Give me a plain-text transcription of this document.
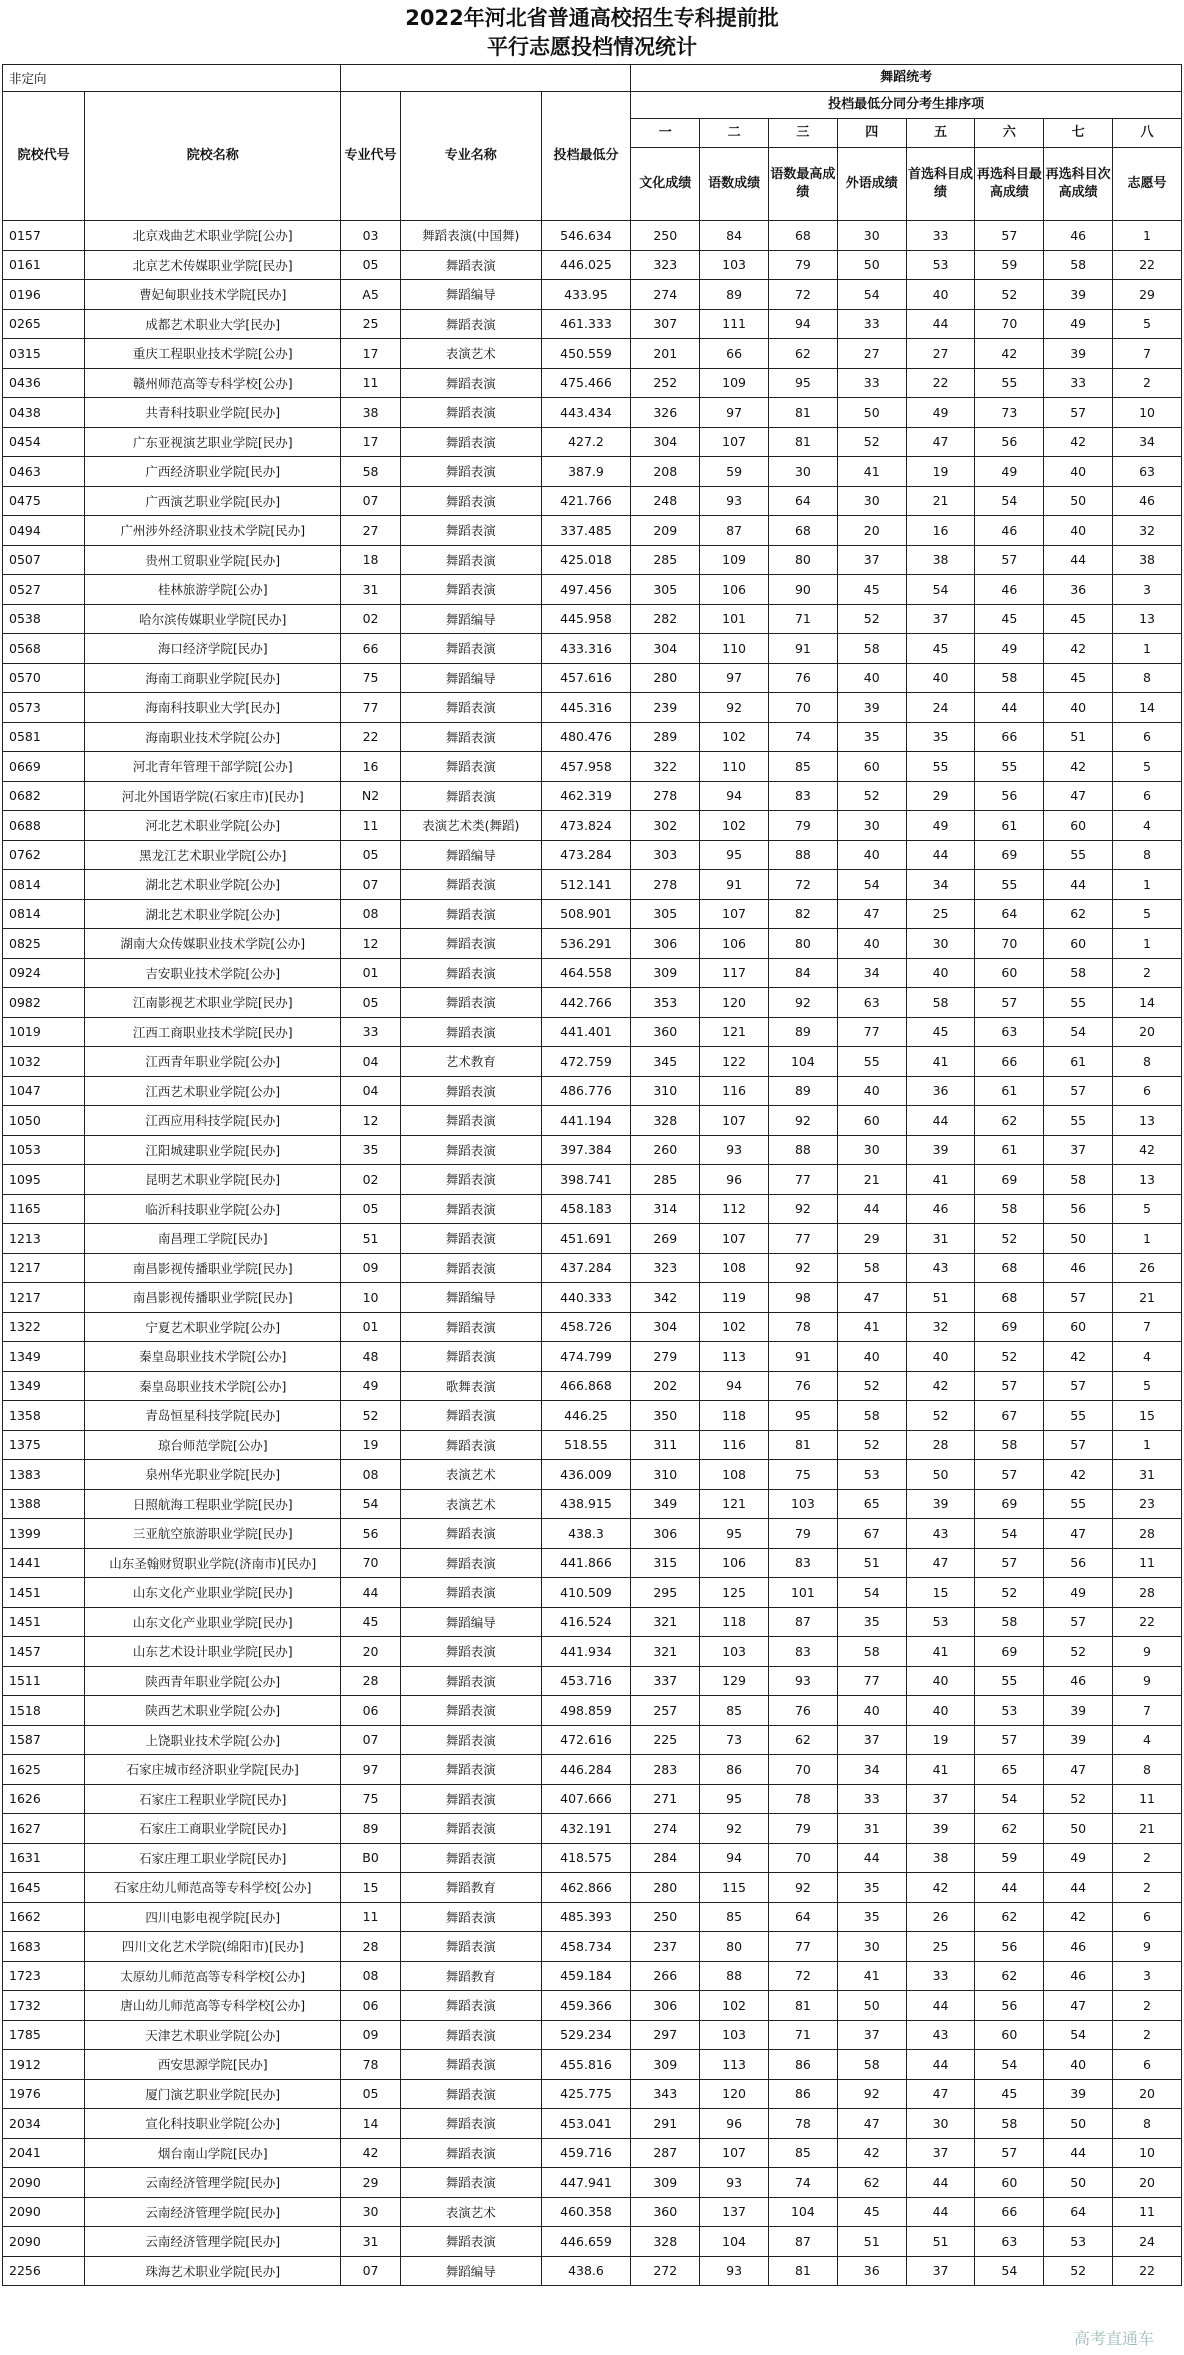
2022年河北省普通高校招生专科提前批
平行志愿投档情况统计
非定向					舞蹈统考							
院校代号	院校名称	专业代号	专业名称	投档最低分	投档最低分同分考生排序项							
					一	二	三	四	五	六	七	八
					文化成绩	语数成绩	语数最高成绩	外语成绩	首选科目成绩	再选科目最高成绩	再选科目次高成绩	志愿号
0157	北京戏曲艺术职业学院[公办]	03	舞蹈表演(中国舞)	546.634	250	84	68	30	33	57	46	1
0161	北京艺术传媒职业学院[民办]	05	舞蹈表演	446.025	323	103	79	50	53	59	58	22
0196	曹妃甸职业技术学院[民办]	A5	舞蹈编导	433.95	274	89	72	54	40	52	39	29
0265	成都艺术职业大学[民办]	25	舞蹈表演	461.333	307	111	94	33	44	70	49	5
0315	重庆工程职业技术学院[公办]	17	表演艺术	450.559	201	66	62	27	27	42	39	7
0436	赣州师范高等专科学校[公办]	11	舞蹈表演	475.466	252	109	95	33	22	55	33	2
0438	共青科技职业学院[民办]	38	舞蹈表演	443.434	326	97	81	50	49	73	57	10
0454	广东亚视演艺职业学院[民办]	17	舞蹈表演	427.2	304	107	81	52	47	56	42	34
0463	广西经济职业学院[民办]	58	舞蹈表演	387.9	208	59	30	41	19	49	40	63
0475	广西演艺职业学院[民办]	07	舞蹈表演	421.766	248	93	64	30	21	54	50	46
0494	广州涉外经济职业技术学院[民办]	27	舞蹈表演	337.485	209	87	68	20	16	46	40	32
0507	贵州工贸职业学院[民办]	18	舞蹈表演	425.018	285	109	80	37	38	57	44	38
0527	桂林旅游学院[公办]	31	舞蹈表演	497.456	305	106	90	45	54	46	36	3
0538	哈尔滨传媒职业学院[民办]	02	舞蹈编导	445.958	282	101	71	52	37	45	45	13
0568	海口经济学院[民办]	66	舞蹈表演	433.316	304	110	91	58	45	49	42	1
0570	海南工商职业学院[民办]	75	舞蹈编导	457.616	280	97	76	40	40	58	45	8
0573	海南科技职业大学[民办]	77	舞蹈表演	445.316	239	92	70	39	24	44	40	14
0581	海南职业技术学院[公办]	22	舞蹈表演	480.476	289	102	74	35	35	66	51	6
0669	河北青年管理干部学院[公办]	16	舞蹈表演	457.958	322	110	85	60	55	55	42	5
0682	河北外国语学院(石家庄市)[民办]	N2	舞蹈表演	462.319	278	94	83	52	29	56	47	6
0688	河北艺术职业学院[公办]	11	表演艺术类(舞蹈)	473.824	302	102	79	30	49	61	60	4
0762	黑龙江艺术职业学院[公办]	05	舞蹈编导	473.284	303	95	88	40	44	69	55	8
0814	湖北艺术职业学院[公办]	07	舞蹈表演	512.141	278	91	72	54	34	55	44	1
0814	湖北艺术职业学院[公办]	08	舞蹈表演	508.901	305	107	82	47	25	64	62	5
0825	湖南大众传媒职业技术学院[公办]	12	舞蹈表演	536.291	306	106	80	40	30	70	60	1
0924	吉安职业技术学院[公办]	01	舞蹈表演	464.558	309	117	84	34	40	60	58	2
0982	江南影视艺术职业学院[民办]	05	舞蹈表演	442.766	353	120	92	63	58	57	55	14
1019	江西工商职业技术学院[民办]	33	舞蹈表演	441.401	360	121	89	77	45	63	54	20
1032	江西青年职业学院[公办]	04	艺术教育	472.759	345	122	104	55	41	66	61	8
1047	江西艺术职业学院[公办]	04	舞蹈表演	486.776	310	116	89	40	36	61	57	6
1050	江西应用科技学院[民办]	12	舞蹈表演	441.194	328	107	92	60	44	62	55	13
1053	江阳城建职业学院[民办]	35	舞蹈表演	397.384	260	93	88	30	39	61	37	42
1095	昆明艺术职业学院[民办]	02	舞蹈表演	398.741	285	96	77	21	41	69	58	13
1165	临沂科技职业学院[公办]	05	舞蹈表演	458.183	314	112	92	44	46	58	56	5
1213	南昌理工学院[民办]	51	舞蹈表演	451.691	269	107	77	29	31	52	50	1
1217	南昌影视传播职业学院[民办]	09	舞蹈表演	437.284	323	108	92	58	43	68	46	26
1217	南昌影视传播职业学院[民办]	10	舞蹈编导	440.333	342	119	98	47	51	68	57	21
1322	宁夏艺术职业学院[公办]	01	舞蹈表演	458.726	304	102	78	41	32	69	60	7
1349	秦皇岛职业技术学院[公办]	48	舞蹈表演	474.799	279	113	91	40	40	52	42	4
1349	秦皇岛职业技术学院[公办]	49	歌舞表演	466.868	202	94	76	52	42	57	57	5
1358	青岛恒星科技学院[民办]	52	舞蹈表演	446.25	350	118	95	58	52	67	55	15
1375	琼台师范学院[公办]	19	舞蹈表演	518.55	311	116	81	52	28	58	57	1
1383	泉州华光职业学院[民办]	08	表演艺术	436.009	310	108	75	53	50	57	42	31
1388	日照航海工程职业学院[民办]	54	表演艺术	438.915	349	121	103	65	39	69	55	23
1399	三亚航空旅游职业学院[民办]	56	舞蹈表演	438.3	306	95	79	67	43	54	47	28
1441	山东圣翰财贸职业学院(济南市)[民办]	70	舞蹈表演	441.866	315	106	83	51	47	57	56	11
1451	山东文化产业职业学院[民办]	44	舞蹈表演	410.509	295	125	101	54	15	52	49	28
1451	山东文化产业职业学院[民办]	45	舞蹈编导	416.524	321	118	87	35	53	58	57	22
1457	山东艺术设计职业学院[民办]	20	舞蹈表演	441.934	321	103	83	58	41	69	52	9
1511	陕西青年职业学院[公办]	28	舞蹈表演	453.716	337	129	93	77	40	55	46	9
1518	陕西艺术职业学院[公办]	06	舞蹈表演	498.859	257	85	76	40	40	53	39	7
1587	上饶职业技术学院[公办]	07	舞蹈表演	472.616	225	73	62	37	19	57	39	4
1625	石家庄城市经济职业学院[民办]	97	舞蹈表演	446.284	283	86	70	34	41	65	47	8
1626	石家庄工程职业学院[民办]	75	舞蹈表演	407.666	271	95	78	33	37	54	52	11
1627	石家庄工商职业学院[民办]	89	舞蹈表演	432.191	274	92	79	31	39	62	50	21
1631	石家庄理工职业学院[民办]	B0	舞蹈表演	418.575	284	94	70	44	38	59	49	2
1645	石家庄幼儿师范高等专科学校[公办]	15	舞蹈教育	462.866	280	115	92	35	42	44	44	2
1662	四川电影电视学院[民办]	11	舞蹈表演	485.393	250	85	64	35	26	62	42	6
1683	四川文化艺术学院(绵阳市)[民办]	28	舞蹈表演	458.734	237	80	77	30	25	56	46	9
1723	太原幼儿师范高等专科学校[公办]	08	舞蹈教育	459.184	266	88	72	41	33	62	46	3
1732	唐山幼儿师范高等专科学校[公办]	06	舞蹈表演	459.366	306	102	81	50	44	56	47	2
1785	天津艺术职业学院[公办]	09	舞蹈表演	529.234	297	103	71	37	43	60	54	2
1912	西安思源学院[民办]	78	舞蹈表演	455.816	309	113	86	58	44	54	40	6
1976	厦门演艺职业学院[民办]	05	舞蹈表演	425.775	343	120	86	92	47	45	39	20
2034	宣化科技职业学院[公办]	14	舞蹈表演	453.041	291	96	78	47	30	58	50	8
2041	烟台南山学院[民办]	42	舞蹈表演	459.716	287	107	85	42	37	57	44	10
2090	云南经济管理学院[民办]	29	舞蹈表演	447.941	309	93	74	62	44	60	50	20
2090	云南经济管理学院[民办]	30	表演艺术	460.358	360	137	104	45	44	66	64	11
2090	云南经济管理学院[民办]	31	舞蹈表演	446.659	328	104	87	51	51	63	53	24
2256	珠海艺术职业学院[民办]	07	舞蹈编导	438.6	272	93	81	36	37	54	52	22
高考直通车
